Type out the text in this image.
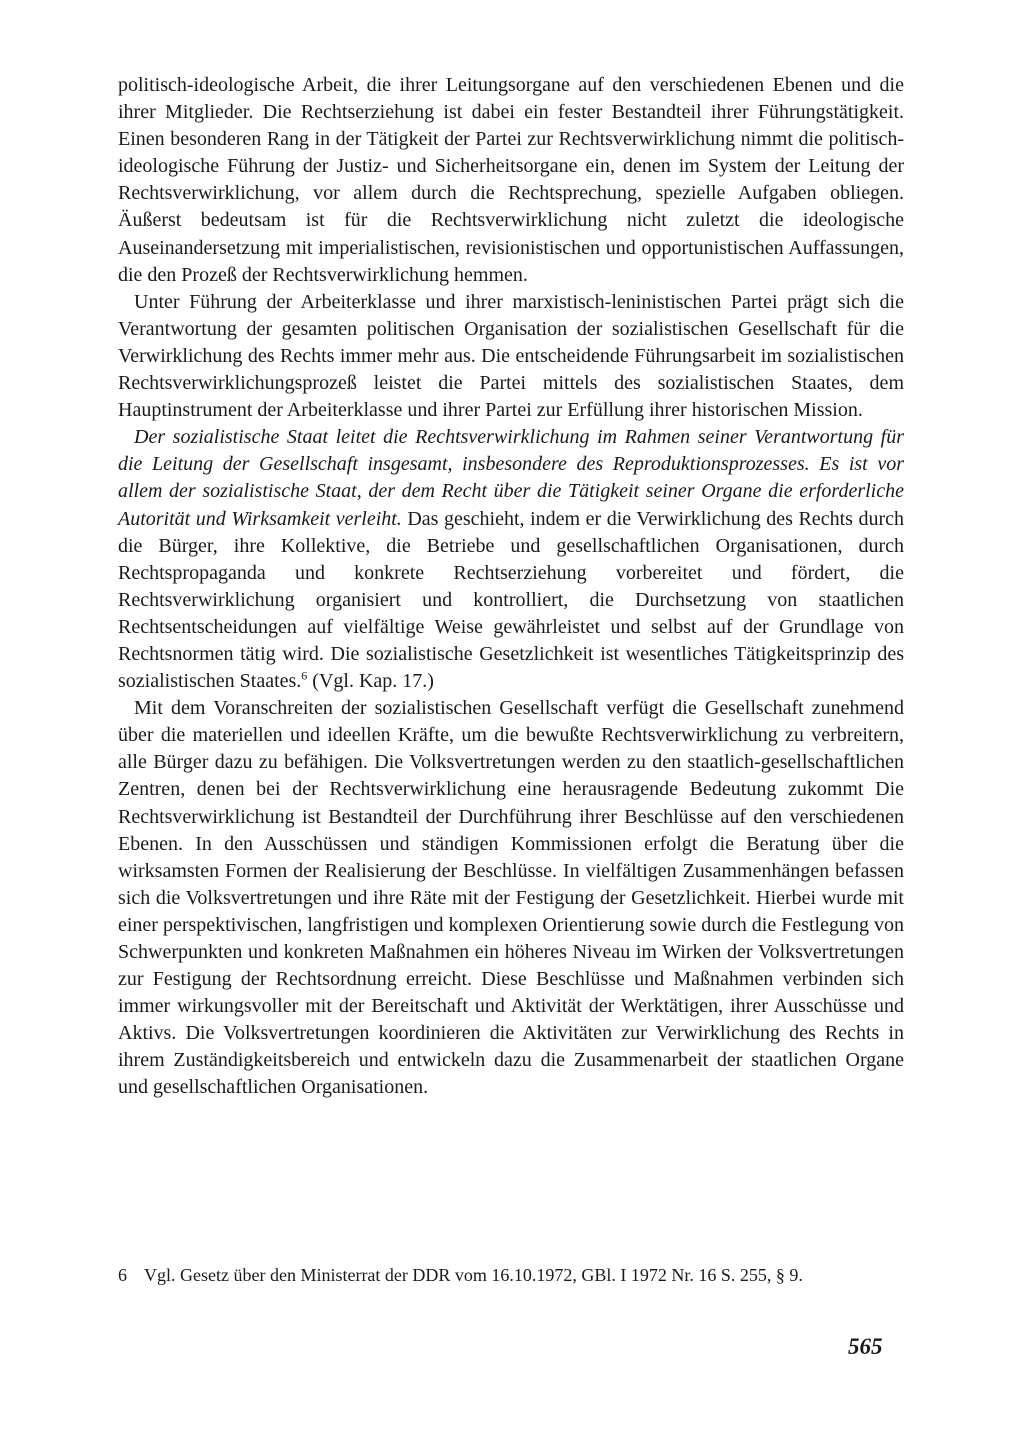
politisch-ideologische Arbeit, die ihrer Leitungsorgane auf den verschiedenen Ebenen und die ihrer Mitglieder. Die Rechtserziehung ist dabei ein fester Bestandteil ihrer Führungstätigkeit. Einen besonderen Rang in der Tätigkeit der Partei zur Rechtsverwirklichung nimmt die politisch-ideologische Führung der Justiz- und Sicherheitsorgane ein, denen im System der Leitung der Rechtsverwirklichung, vor allem durch die Rechtsprechung, spezielle Aufgaben obliegen. Äußerst bedeutsam ist für die Rechtsverwirklichung nicht zuletzt die ideologische Auseinandersetzung mit imperialistischen, revisionistischen und opportunistischen Auffassungen, die den Prozeß der Rechtsverwirklichung hemmen.

Unter Führung der Arbeiterklasse und ihrer marxistisch-leninistischen Partei prägt sich die Verantwortung der gesamten politischen Organisation der sozialistischen Gesellschaft für die Verwirklichung des Rechts immer mehr aus. Die entscheidende Führungsarbeit im sozialistischen Rechtsverwirklichungsprozeß leistet die Partei mittels des sozialistischen Staates, dem Hauptinstrument der Arbeiterklasse und ihrer Partei zur Erfüllung ihrer historischen Mission.

Der sozialistische Staat leitet die Rechtsverwirklichung im Rahmen seiner Verantwortung für die Leitung der Gesellschaft insgesamt, insbesondere des Reproduktionsprozesses. Es ist vor allem der sozialistische Staat, der dem Recht über die Tätigkeit seiner Organe die erforderliche Autorität und Wirksamkeit verleiht. Das geschieht, indem er die Verwirklichung des Rechts durch die Bürger, ihre Kollektive, die Betriebe und gesellschaftlichen Organisationen, durch Rechtspropaganda und konkrete Rechtserziehung vorbereitet und fördert, die Rechtsverwirklichung organisiert und kontrolliert, die Durchsetzung von staatlichen Rechtsentscheidungen auf vielfältige Weise gewährleistet und selbst auf der Grundlage von Rechtsnormen tätig wird. Die sozialistische Gesetzlichkeit ist wesentliches Tätigkeitsprinzip des sozialistischen Staates.$^6$ (Vgl. Kap. 17.)

Mit dem Voranschreiten der sozialistischen Gesellschaft verfügt die Gesellschaft zunehmend über die materiellen und ideellen Kräfte, um die bewußte Rechtsverwirklichung zu verbreitern, alle Bürger dazu zu befähigen. Die Volksvertretungen werden zu den staatlich-gesellschaftlichen Zentren, denen bei der Rechtsverwirklichung eine herausragende Bedeutung zukommt Die Rechtsverwirklichung ist Bestandteil der Durchführung ihrer Beschlüsse auf den verschiedenen Ebenen. In den Ausschüssen und ständigen Kommissionen erfolgt die Beratung über die wirksamsten Formen der Realisierung der Beschlüsse. In vielfältigen Zusammenhängen befassen sich die Volksvertretungen und ihre Räte mit der Festigung der Gesetzlichkeit. Hierbei wurde mit einer perspektivischen, langfristigen und komplexen Orientierung sowie durch die Festlegung von Schwerpunkten und konkreten Maßnahmen ein höheres Niveau im Wirken der Volksvertretungen zur Festigung der Rechtsordnung erreicht. Diese Beschlüsse und Maßnahmen verbinden sich immer wirkungsvoller mit der Bereitschaft und Aktivität der Werktätigen, ihrer Ausschüsse und Aktivs. Die Volksvertretungen koordinieren die Aktivitäten zur Verwirklichung des Rechts in ihrem Zuständigkeitsbereich und entwickeln dazu die Zusammenarbeit der staatlichen Organe und gesellschaftlichen Organisationen.

6 Vgl. Gesetz über den Ministerrat der DDR vom 16.10.1972, GBl. I 1972 Nr. 16 S. 255, § 9.
565
